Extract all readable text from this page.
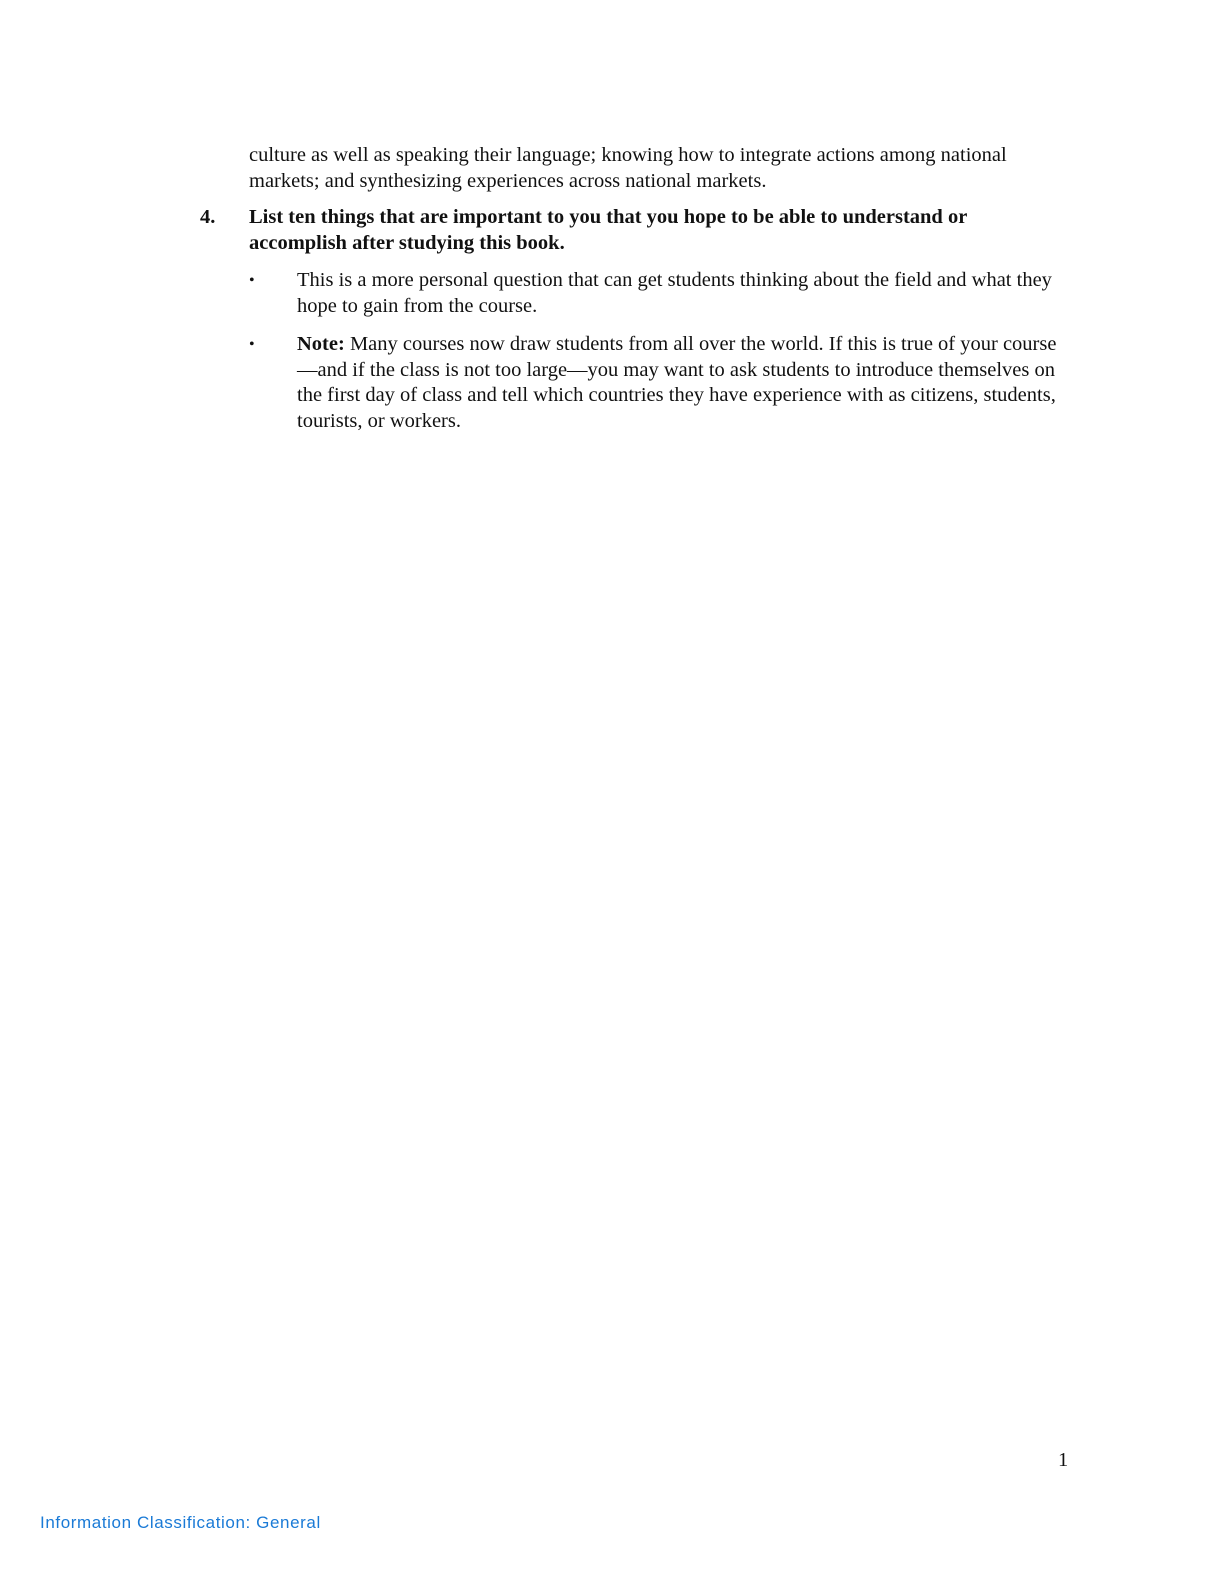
culture as well as speaking their language; knowing how to integrate actions among national markets; and synthesizing experiences across national markets.
4. List ten things that are important to you that you hope to be able to understand or accomplish after studying this book.
•	This is a more personal question that can get students thinking about the field and what they hope to gain from the course.
•	Note: Many courses now draw students from all over the world. If this is true of your course—and if the class is not too large—you may want to ask students to introduce themselves on the first day of class and tell which countries they have experience with as citizens, students, tourists, or workers.
1
Information Classification: General
